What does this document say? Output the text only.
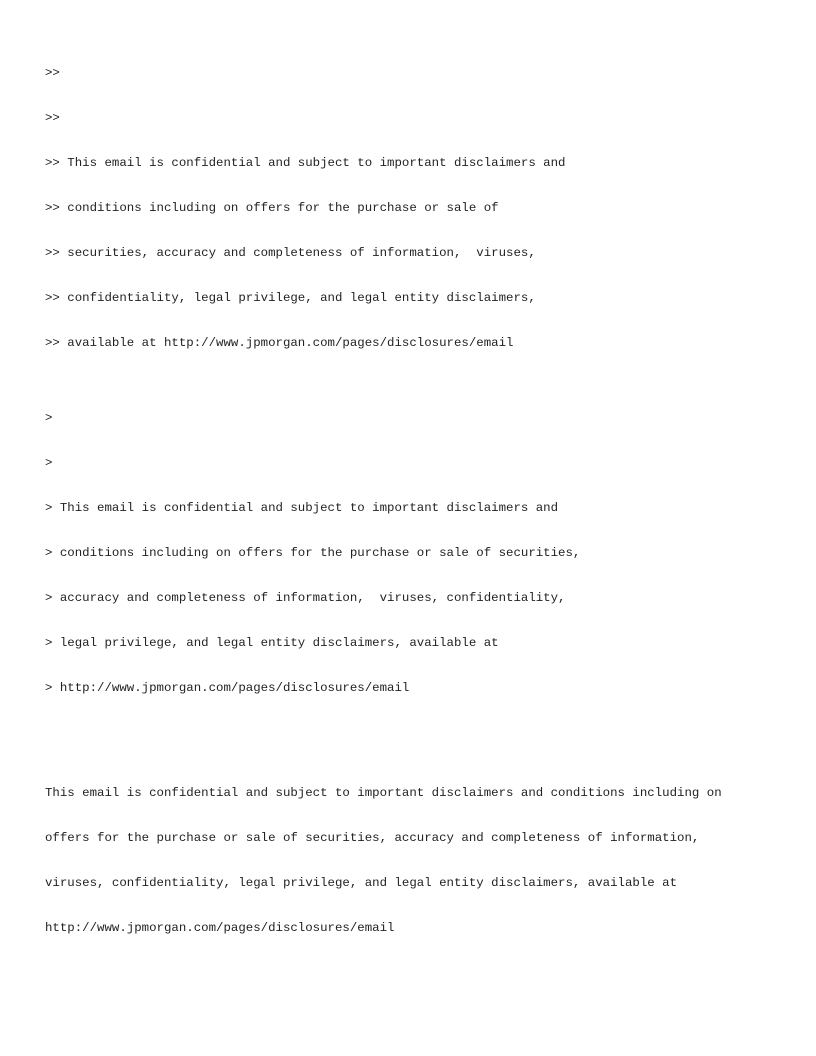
>>

>>

>> This email is confidential and subject to important disclaimers and

>> conditions including on offers for the purchase or sale of

>> securities, accuracy and completeness of information,  viruses,

>> confidentiality, legal privilege, and legal entity disclaimers,

>> available at http://www.jpmorgan.com/pages/disclosures/email

>

>

> This email is confidential and subject to important disclaimers and

> conditions including on offers for the purchase or sale of securities,

> accuracy and completeness of information,  viruses, confidentiality,

> legal privilege, and legal entity disclaimers, available at

> http://www.jpmorgan.com/pages/disclosures/email

This email is confidential and subject to important disclaimers and conditions including on

offers for the purchase or sale of securities, accuracy and completeness of information,

viruses, confidentiality, legal privilege, and legal entity disclaimers, available at

http://www.jpmorgan.com/pages/disclosures/email
